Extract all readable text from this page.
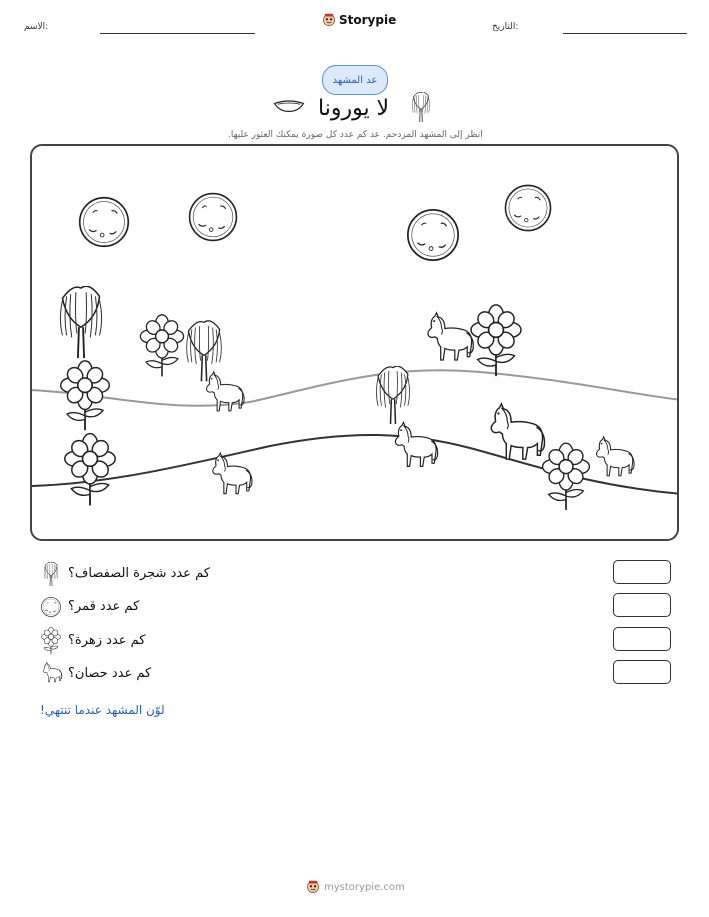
الاسم:	Storypie	التاريخ:
عد المشهد
لا يورونا
انظر إلى المشهد المزدحم. عد كم عدد كل صورة يمكنك العثور عليها.
كم عدد شجرة الصفصاف؟
كم عدد قمر؟
كم عدد زهرة؟
كم عدد حصان؟
لوّن المشهد عندما تنتهي!
mystorypie.com
